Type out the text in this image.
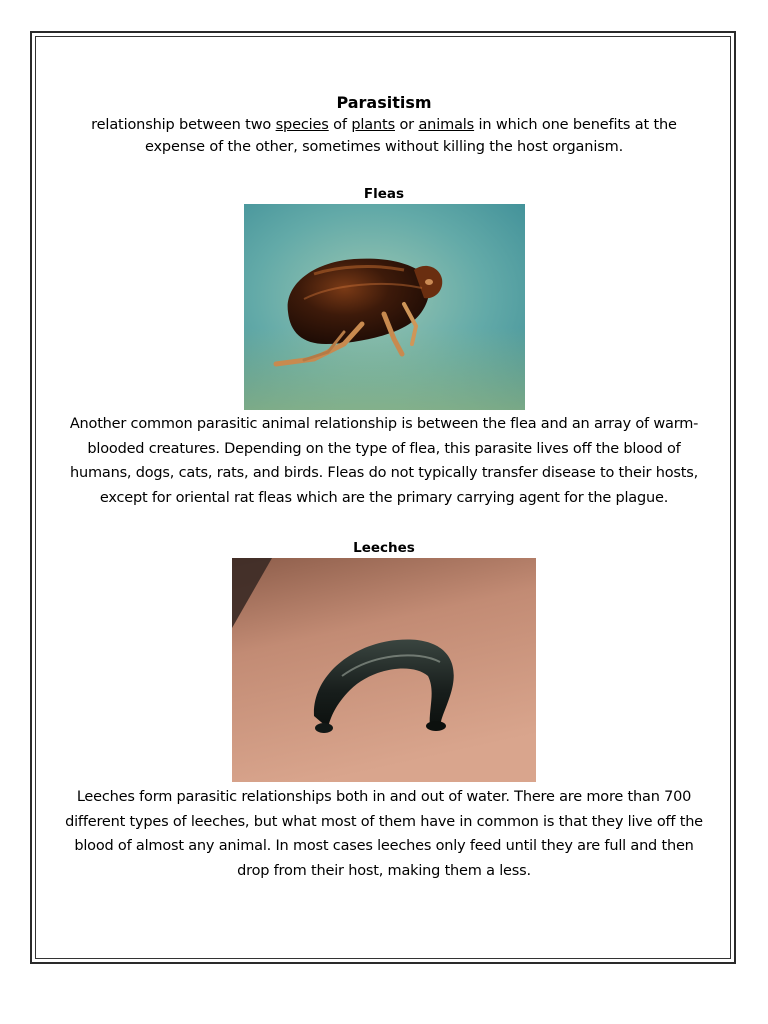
Parasitism

relationship between two species of plants or animals in which one benefits at the expense of the other, sometimes without killing the host organism.

Fleas

Another common parasitic animal relationship is between the flea and an array of warm-blooded creatures. Depending on the type of flea, this parasite lives off the blood of humans, dogs, cats, rats, and birds. Fleas do not typically transfer disease to their hosts, except for oriental rat fleas which are the primary carrying agent for the plague.

Leeches

Leeches form parasitic relationships both in and out of water. There are more than 700 different types of leeches, but what most of them have in common is that they live off the blood of almost any animal. In most cases leeches only feed until they are full and then drop from their host, making them a less.
